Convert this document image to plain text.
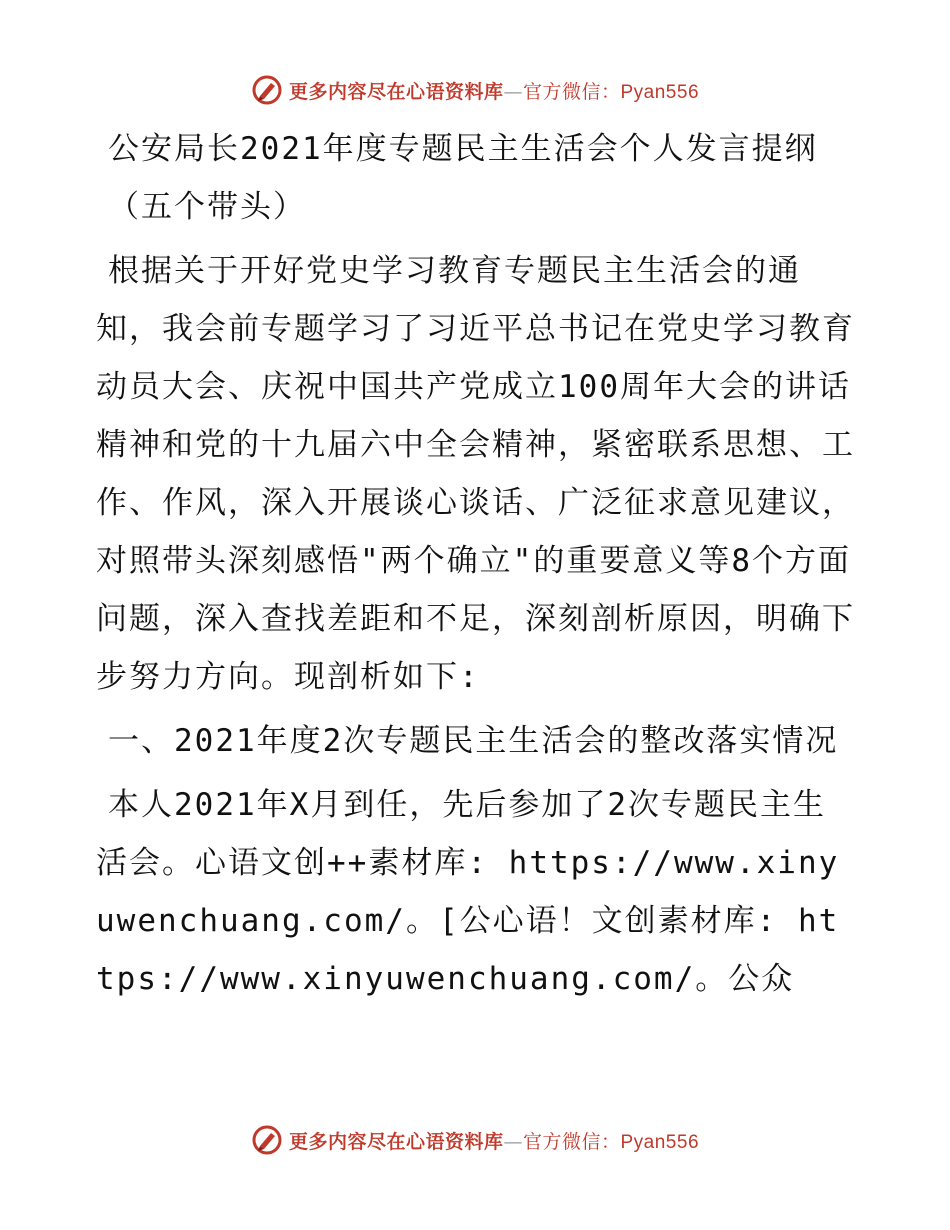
更多内容尽在心语资料库—官方微信：Pyan556

公安局长2021年度专题民主生活会个人发言提纲（五个带头）

根据关于开好党史学习教育专题民主生活会的通知，我会前专题学习了习近平总书记在党史学习教育动员大会、庆祝中国共产党成立100周年大会的讲话精神和党的十九届六中全会精神，紧密联系思想、工作、作风，深入开展谈心谈话、广泛征求意见建议，对照带头深刻感悟"两个确立"的重要意义等8个方面问题，深入查找差距和不足，深刻剖析原因，明确下步努力方向。现剖析如下:

一、2021年度2次专题民主生活会的整改落实情况

本人2021年X月到任，先后参加了2次专题民主生活会。心语文创++素材库: https://www.xinyuwenchuang.com/。[公心语！文创素材库: https://www.xinyuwenchuang.com/。公众

更多内容尽在心语资料库—官方微信：Pyan556
